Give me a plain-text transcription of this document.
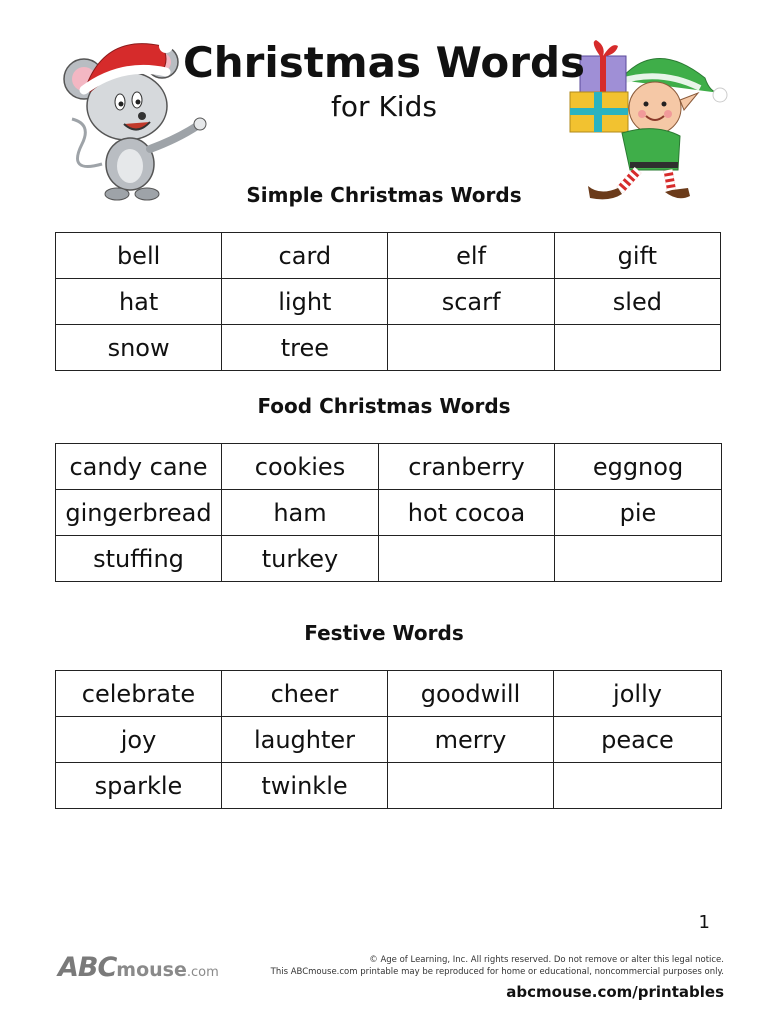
Christmas Words
for Kids
Simple Christmas Words
bell	card	elf	gift
hat	light	scarf	sled
snow	tree		
Food Christmas Words
candy cane	cookies	cranberry	eggnog
gingerbread	ham	hot cocoa	pie
stuffing	turkey		
Festive Words
celebrate	cheer	goodwill	jolly
joy	laughter	merry	peace
sparkle	twinkle		
1
ABCmouse.com
© Age of Learning, Inc. All rights reserved. Do not remove or alter this legal notice.
This ABCmouse.com printable may be reproduced for home or educational, noncommercial purposes only.
abcmouse.com/printables
